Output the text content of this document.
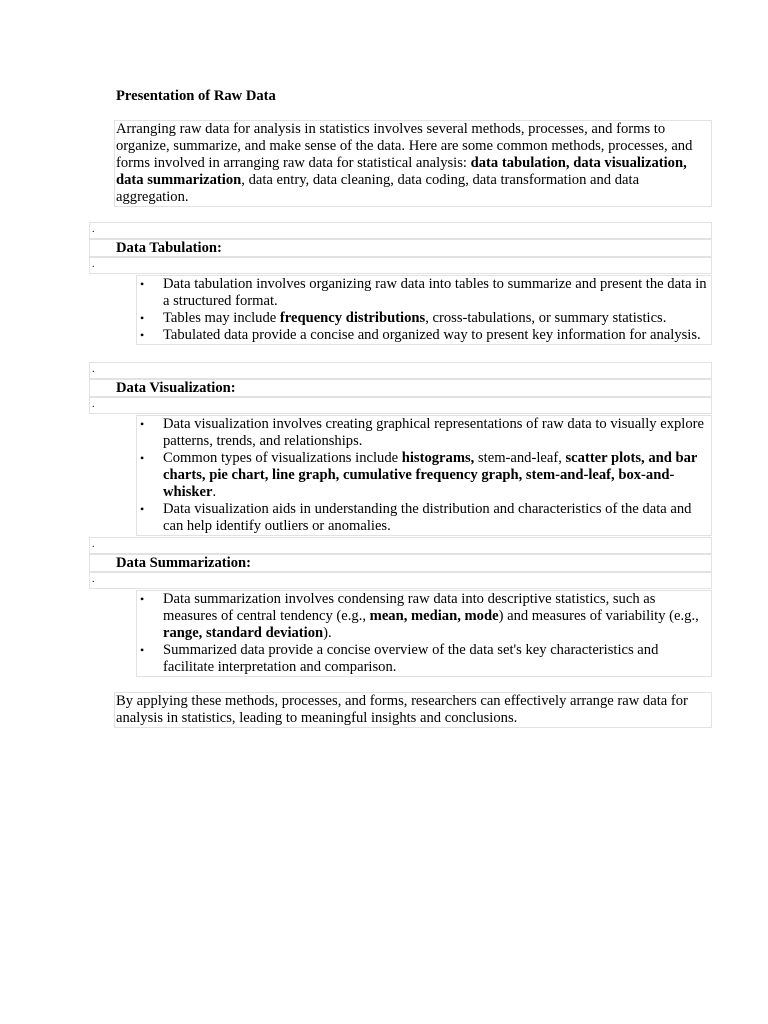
Presentation of Raw Data

Arranging raw data for analysis in statistics involves several methods, processes, and forms to organize, summarize, and make sense of the data. Here are some common methods, processes, and forms involved in arranging raw data for statistical analysis: data tabulation, data visualization, data summarization, data entry, data cleaning, data coding, data transformation and data aggregation.

.
Data Tabulation:
.
• Data tabulation involves organizing raw data into tables to summarize and present the data in a structured format.
• Tables may include frequency distributions, cross-tabulations, or summary statistics.
• Tabulated data provide a concise and organized way to present key information for analysis.
.
Data Visualization:
.
• Data visualization involves creating graphical representations of raw data to visually explore patterns, trends, and relationships.
• Common types of visualizations include histograms, stem-and-leaf, scatter plots, and bar charts, pie chart, line graph, cumulative frequency graph, stem-and-leaf, box-and-whisker.
• Data visualization aids in understanding the distribution and characteristics of the data and can help identify outliers or anomalies.
.
Data Summarization:
.
• Data summarization involves condensing raw data into descriptive statistics, such as measures of central tendency (e.g., mean, median, mode) and measures of variability (e.g., range, standard deviation).
• Summarized data provide a concise overview of the data set's key characteristics and facilitate interpretation and comparison.

By applying these methods, processes, and forms, researchers can effectively arrange raw data for analysis in statistics, leading to meaningful insights and conclusions.
